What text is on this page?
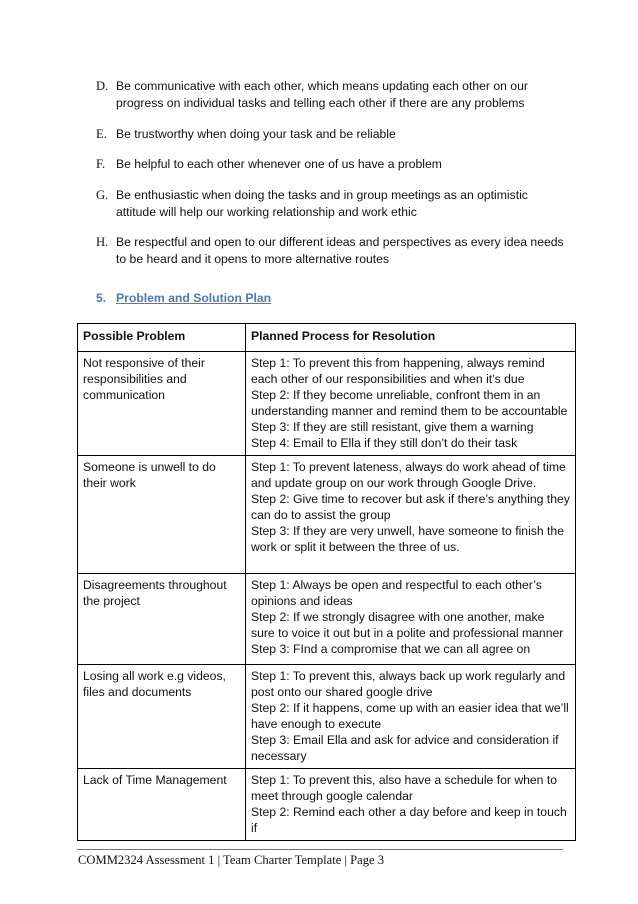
D. Be communicative with each other, which means updating each other on our progress on individual tasks and telling each other if there are any problems
E. Be trustworthy when doing your task and be reliable
F. Be helpful to each other whenever one of us have a problem
G. Be enthusiastic when doing the tasks and in group meetings as an optimistic attitude will help our working relationship and work ethic
H. Be respectful and open to our different ideas and perspectives as every idea needs to be heard and it opens to more alternative routes
5. Problem and Solution Plan
Possible Problem	Planned Process for Resolution
Not responsive of their responsibilities and communication	Step 1: To prevent this from happening, always remind each other of our responsibilities and when it’s due
Step 2: If they become unreliable, confront them in an understanding manner and remind them to be accountable
Step 3: If they are still resistant, give them a warning
Step 4: Email to Ella if they still don’t do their task

Someone is unwell to do their work	Step 1: To prevent lateness, always do work ahead of time and update group on our work through Google Drive.
Step 2: Give time to recover but ask if there’s anything they can do to assist the group
Step 3: If they are very unwell, have someone to finish the work or split it between the three of us.

Disagreements throughout the project	Step 1: Always be open and respectful to each other’s opinions and ideas
Step 2: If we strongly disagree with one another, make sure to voice it out but in a polite and professional manner
Step 3: FInd a compromise that we can all agree on

Losing all work e.g videos, files and documents	Step 1: To prevent this, always back up work regularly and post onto our shared google drive
Step 2: If it happens, come up with an easier idea that we’ll have enough to execute
Step 3: Email Ella and ask for advice and consideration if necessary

Lack of Time Management	Step 1: To prevent this, also have a schedule for when to meet through google calendar
Step 2: Remind each other a day before and keep in touch if
COMM2324 Assessment 1 | Team Charter Template | Page 3
